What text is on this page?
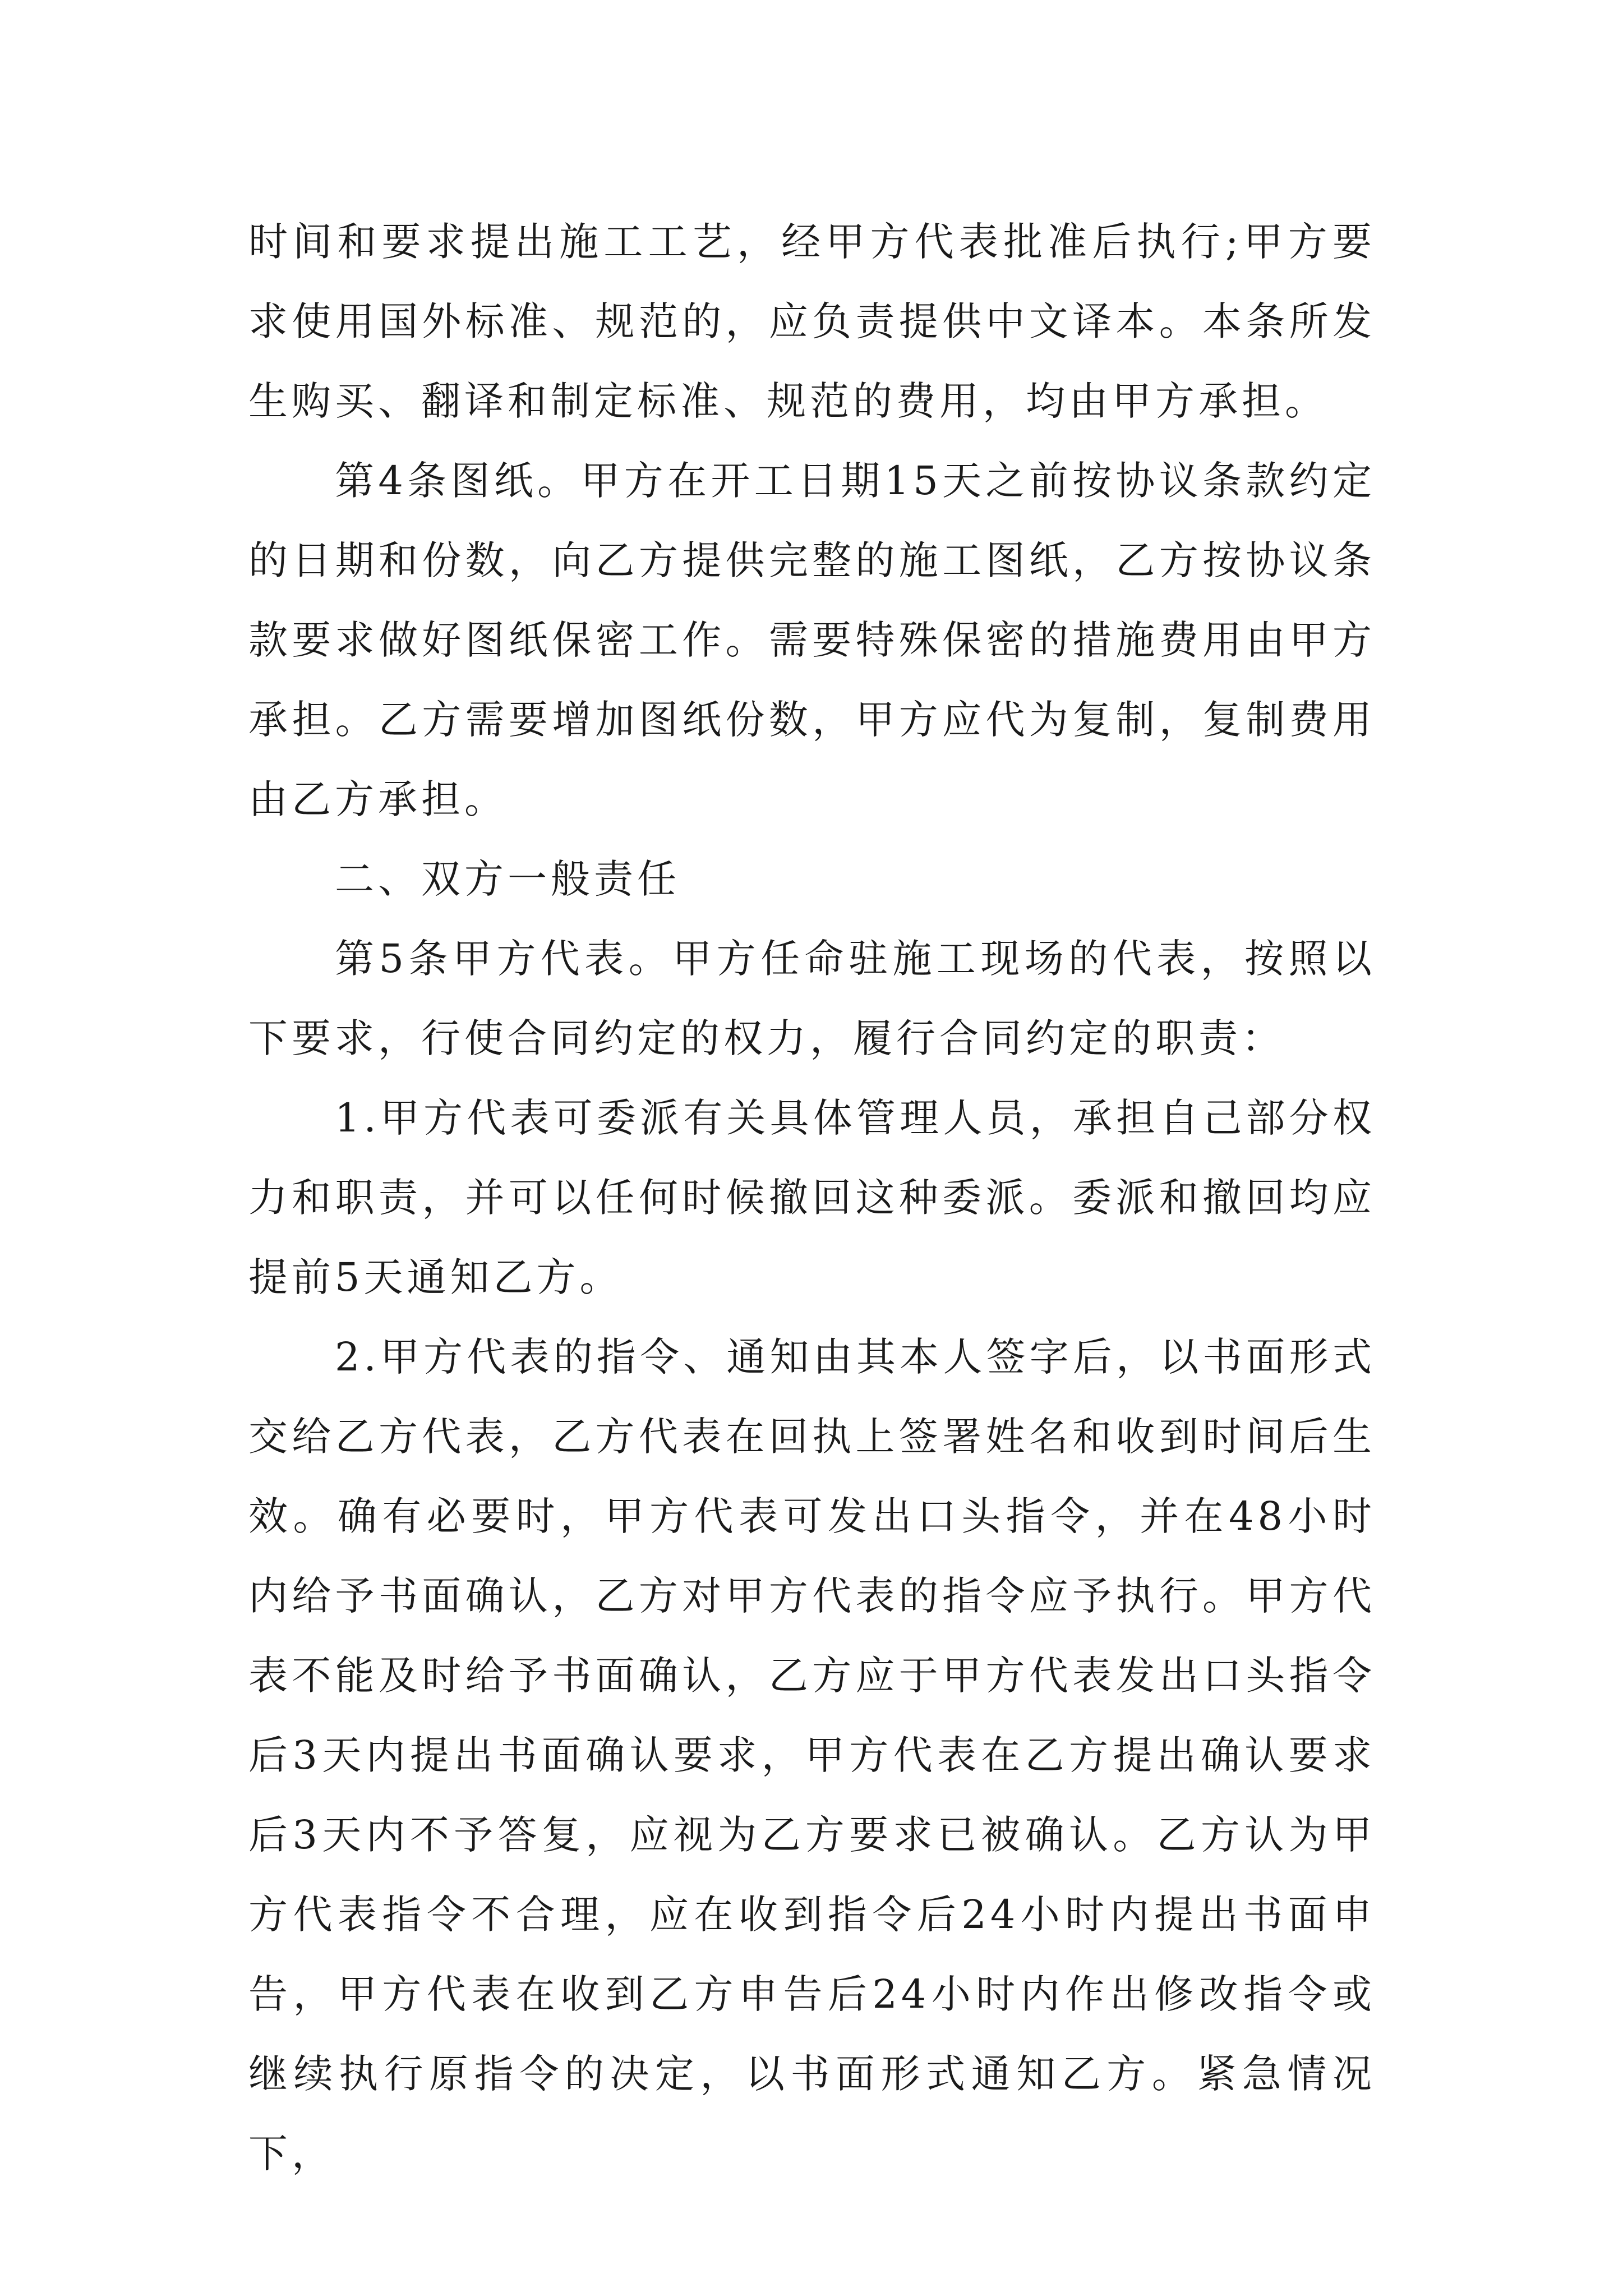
时间和要求提出施工工艺，经甲方代表批准后执行;甲方要求使用国外标准、规范的，应负责提供中文译本。本条所发生购买、翻译和制定标准、规范的费用，均由甲方承担。

第4条图纸。甲方在开工日期15天之前按协议条款约定的日期和份数，向乙方提供完整的施工图纸，乙方按协议条款要求做好图纸保密工作。需要特殊保密的措施费用由甲方承担。乙方需要增加图纸份数，甲方应代为复制，复制费用由乙方承担。

二、双方一般责任

第5条甲方代表。甲方任命驻施工现场的代表，按照以下要求，行使合同约定的权力，履行合同约定的职责：

1.甲方代表可委派有关具体管理人员，承担自己部分权力和职责，并可以任何时候撤回这种委派。委派和撤回均应提前5天通知乙方。

2.甲方代表的指令、通知由其本人签字后，以书面形式交给乙方代表，乙方代表在回执上签署姓名和收到时间后生效。确有必要时，甲方代表可发出口头指令，并在48小时内给予书面确认，乙方对甲方代表的指令应予执行。甲方代表不能及时给予书面确认，乙方应于甲方代表发出口头指令后3天内提出书面确认要求，甲方代表在乙方提出确认要求后3天内不予答复，应视为乙方要求已被确认。乙方认为甲方代表指令不合理，应在收到指令后24小时内提出书面申告，甲方代表在收到乙方申告后24小时内作出修改指令或继续执行原指令的决定，以书面形式通知乙方。紧急情况下，
